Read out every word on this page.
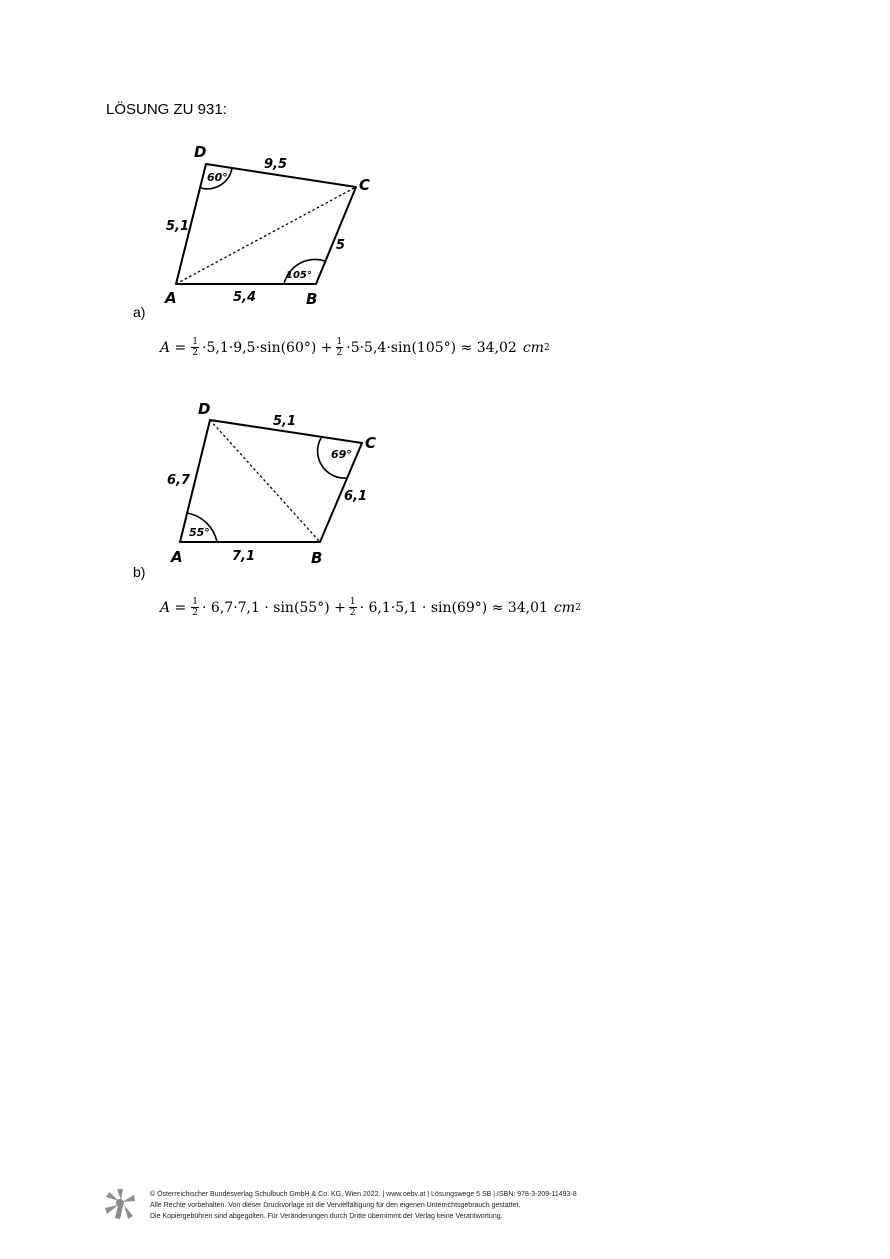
LÖSUNG ZU 931:
A	B
C
D
5,4
5
9,5
5,1
60°
105°
a)
$A = \frac{1}{2} \cdot 5,1\cdot 9,5\cdot\sin(60^\circ) + \frac{1}{2} \cdot 5\cdot 5,4\cdot\sin(105^\circ) \approx 34,02$ cm 2
A	B
C
D
7,1
6,1
5,1
6,7
55°
69°
b)
$A = \frac{1}{2} \cdot 6,7\cdot 7,1 \cdot \sin(55^\circ) + \frac{1}{2} \cdot 6,1\cdot 5,1 \cdot \sin(69^\circ) \approx 34,01$ cm 2
© Österreichischer Bundesverlag Schulbuch GmbH & Co. KG, Wien 2022. | www.oebv.at | Lösungswege 5 SB | ISBN: 978-3-209-11493-8
Alle Rechte vorbehalten. Von dieser Druckvorlage ist die Vervielfältigung für den eigenen Unterrichtsgebrauch gestattet.
Die Kopiergebühren sind abgegolten. Für Veränderungen durch Dritte übernimmt der Verlag keine Verantwortung.
